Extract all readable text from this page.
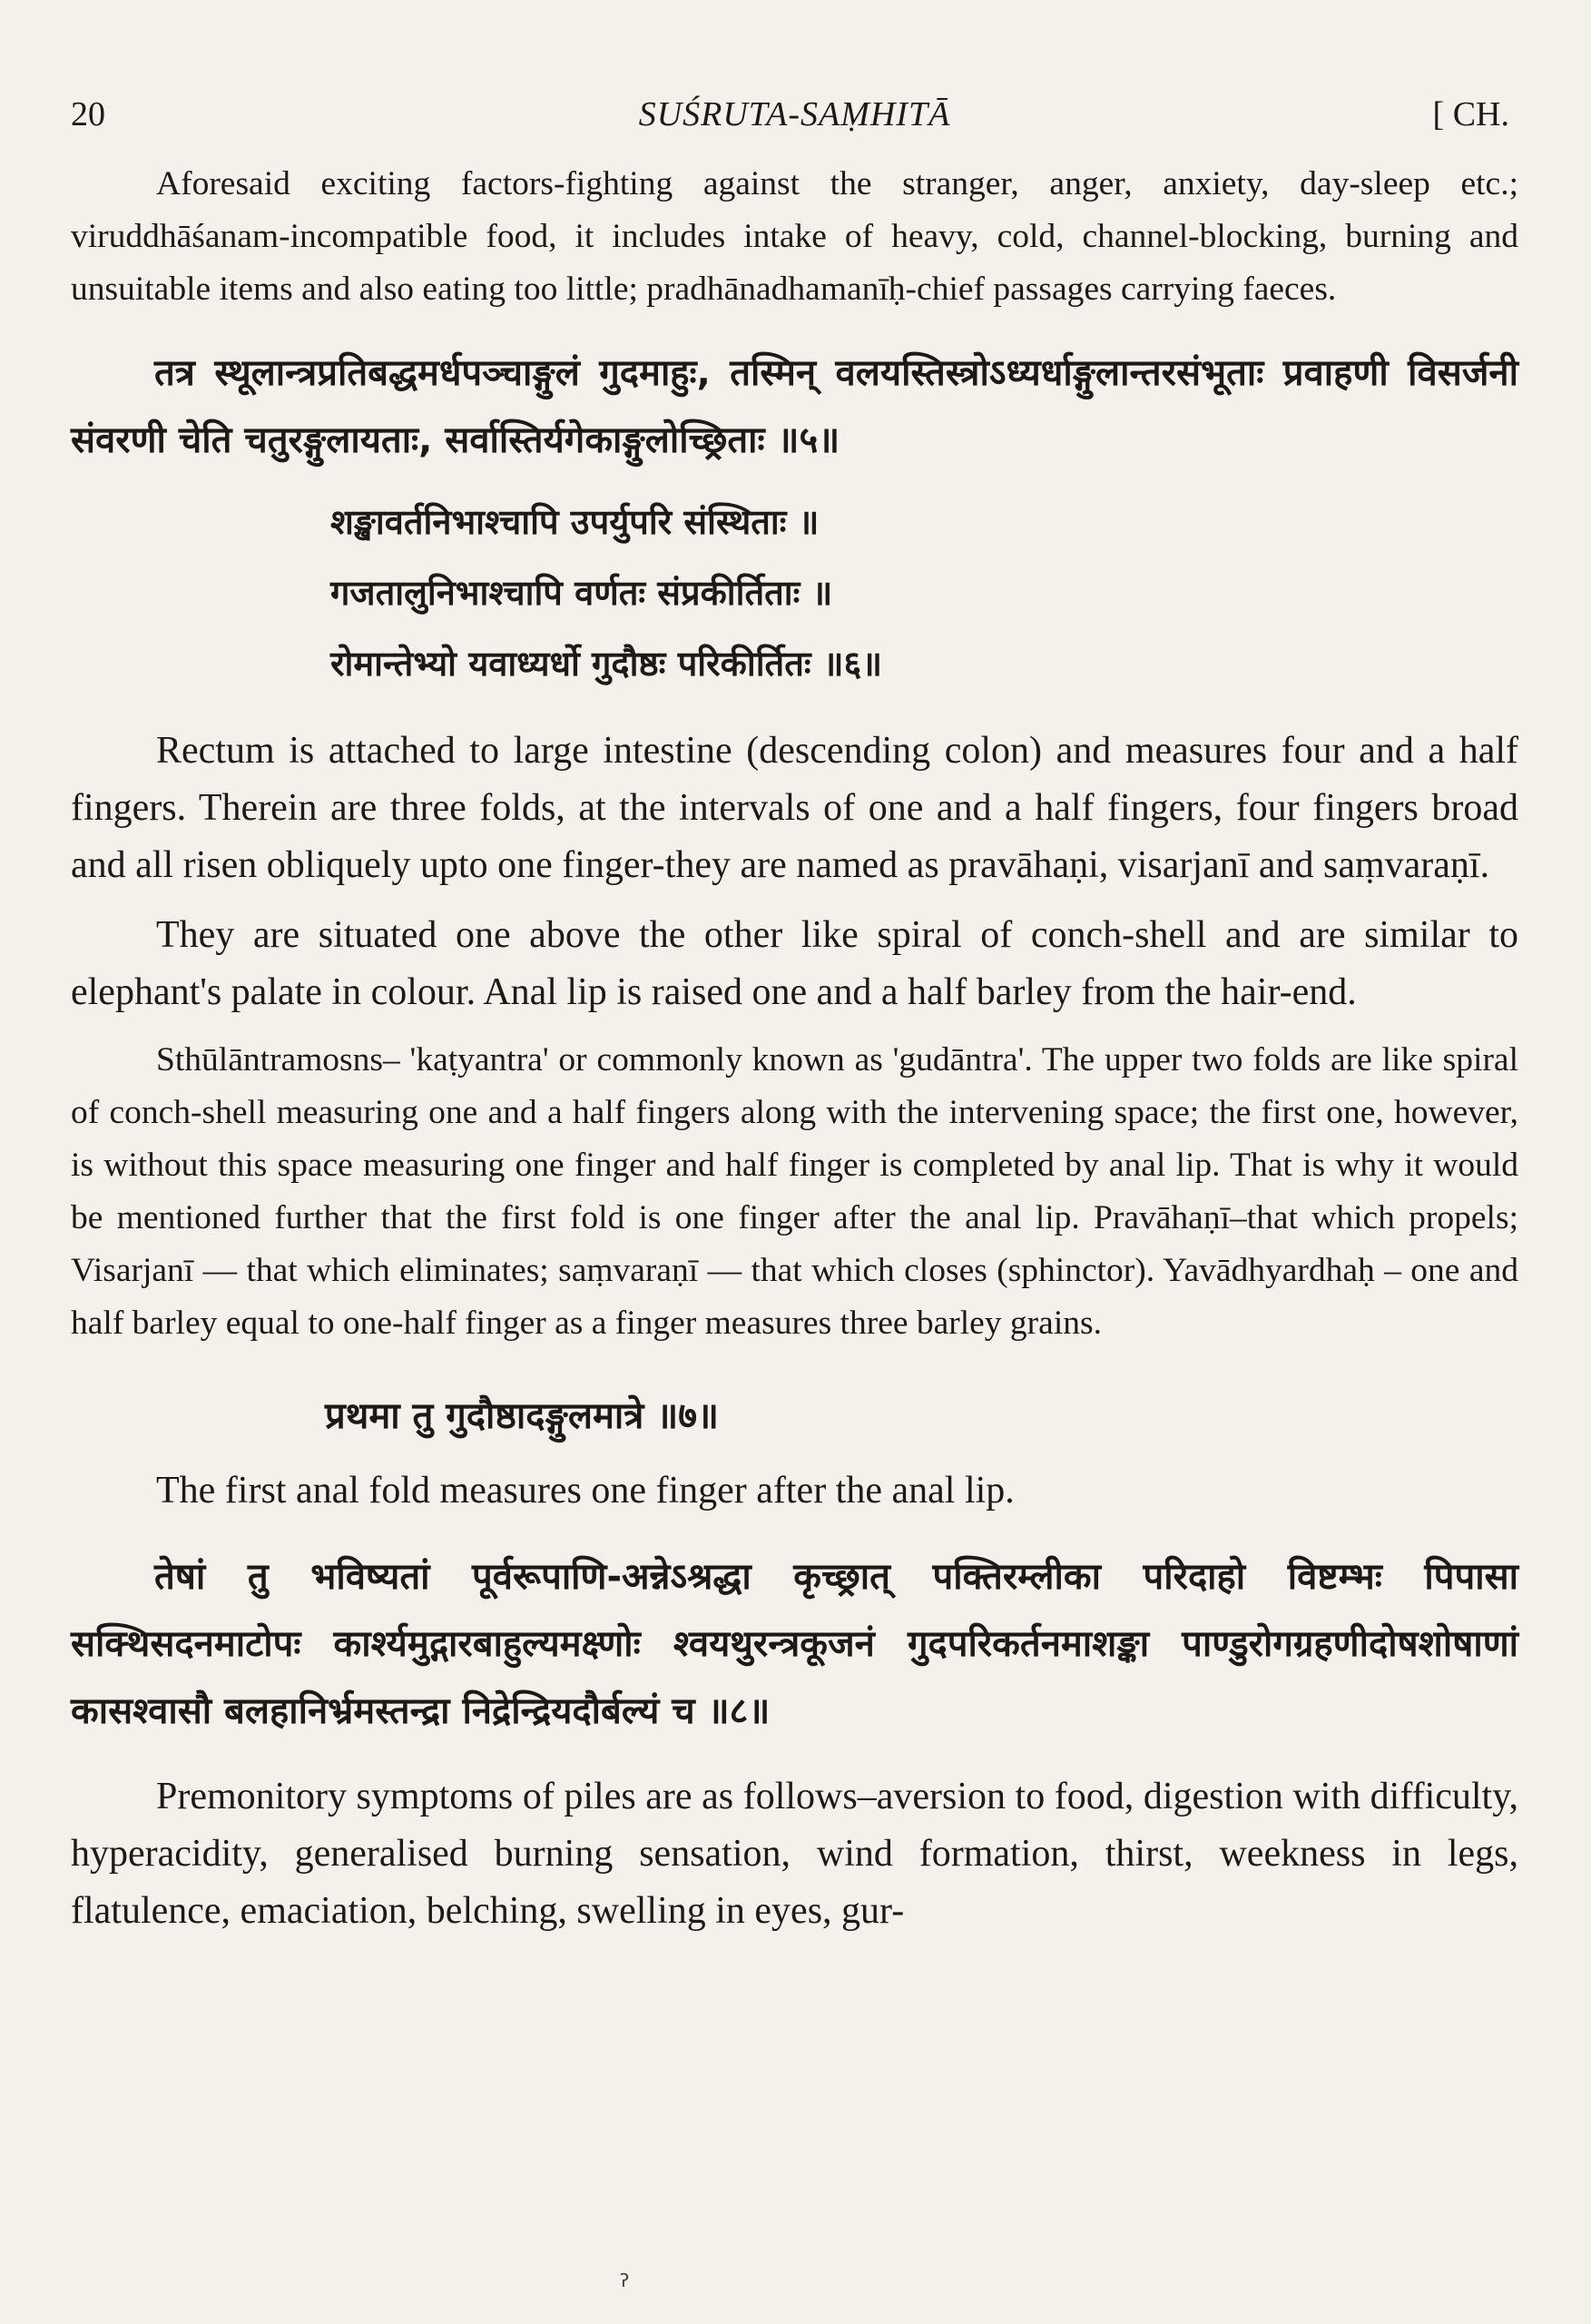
20	SUŚRUTA-SAṂHITĀ	[ CH.

Aforesaid exciting factors-fighting against the stranger, anger, anxiety, day-sleep etc.; viruddhāśanam-incompatible food, it includes intake of heavy, cold, channel-blocking, burning and unsuitable items and also eating too little; pradhānadhamanīḥ-chief passages carrying faeces.

तत्र स्थूलान्त्रप्रतिबद्धमर्धपञ्चाङ्गुलं गुदमाहुः, तस्मिन् वलयस्तिस्त्रोऽध्यर्धाङ्गुलान्तरसंभूताः प्रवाहणी विसर्जनी संवरणी चेति चतुरङ्गुलायताः, सर्वास्तिर्यगेकाङ्गुलोच्छ्रिताः ॥५॥

शङ्खावर्तनिभाश्चापि उपर्युपरि संस्थिताः ॥
गजतालुनिभाश्चापि वर्णतः संप्रकीर्तिताः ॥
रोमान्तेभ्यो यवाध्यर्धो गुदौष्ठः परिकीर्तितः ॥६॥

Rectum is attached to large intestine (descending colon) and measures four and a half fingers. Therein are three folds, at the intervals of one and a half fingers, four fingers broad and all risen obliquely upto one finger-they are named as pravāhaṇi, visarjanī and saṃvaraṇī.

They are situated one above the other like spiral of conch-shell and are similar to elephant's palate in colour. Anal lip is raised one and a half barley from the hair-end.

Sthūlāntramosns– 'kaṭyantra' or commonly known as 'gudāntra'. The upper two folds are like spiral of conch-shell measuring one and a half fingers along with the intervening space; the first one, however, is without this space measuring one finger and half finger is completed by anal lip. That is why it would be mentioned further that the first fold is one finger after the anal lip. Pravāhaṇī–that which propels; Visarjanī — that which eliminates; saṃvaraṇī — that which closes (sphinctor). Yavādhyardhaḥ – one and half barley equal to one-half finger as a finger measures three barley grains.

प्रथमा तु गुदौष्ठादङ्गुलमात्रे ॥७॥

The first anal fold measures one finger after the anal lip.

तेषां तु भविष्यतां पूर्वरूपाणि-अन्नेऽश्रद्धा कृच्छ्रात् पक्तिरम्लीका परिदाहो विष्टम्भः पिपासा सक्थिसदनमाटोपः कार्श्यमुद्गारबाहुल्यमक्ष्णोः श्वयथुरन्त्रकूजनं गुदपरिकर्तनमाशङ्का पाण्डुरोगग्रहणीदोषशोषाणां कासश्वासौ बलहानिर्भ्रमस्तन्द्रा निद्रेन्द्रियदौर्बल्यं च ॥८॥

Premonitory symptoms of piles are as follows–aversion to food, digestion with difficulty, hyperacidity, generalised burning sensation, wind formation, thirst, weekness in legs, flatulence, emaciation, belching, swelling in eyes, gur-

ॽ
